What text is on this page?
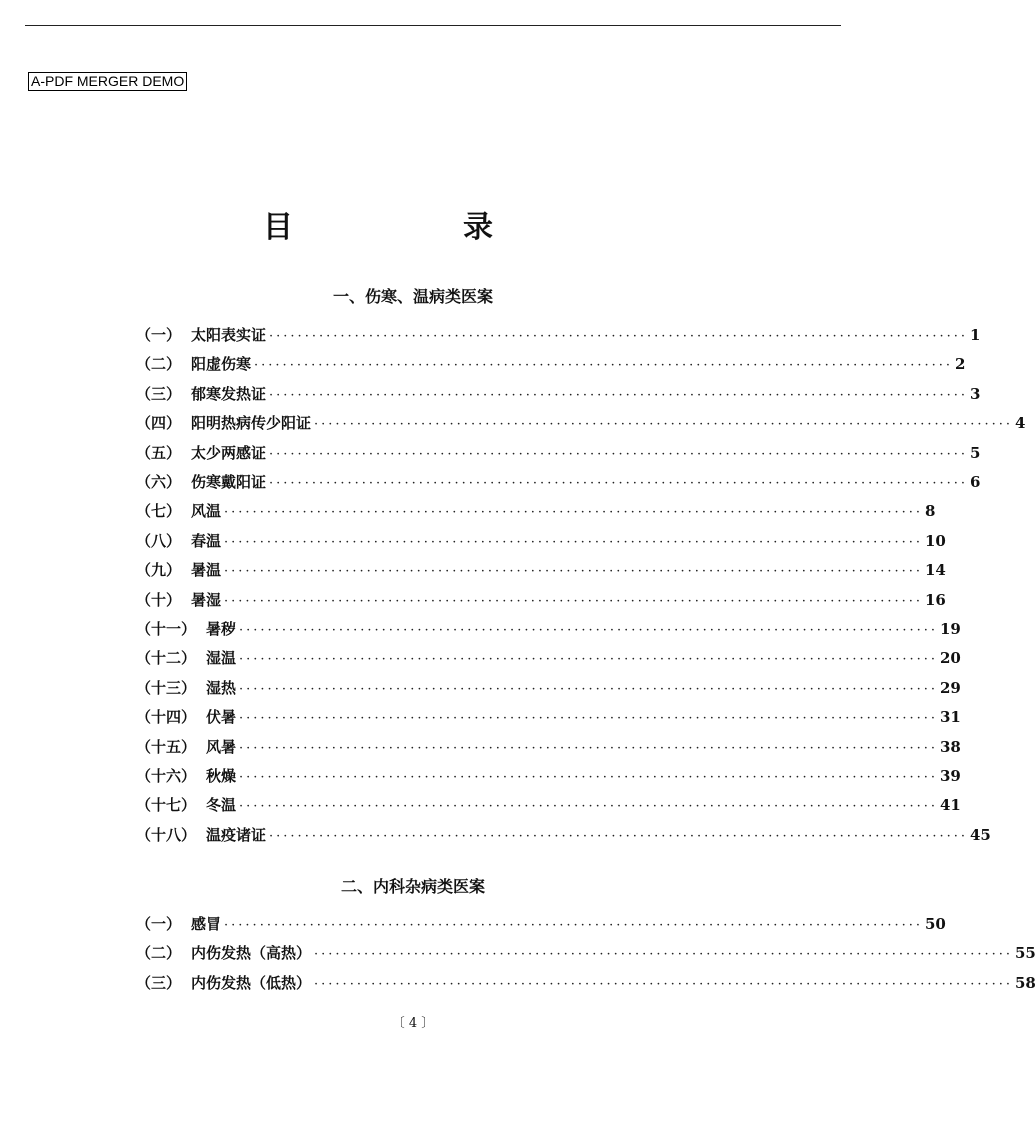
A-PDF MERGER DEMO
目　录
一、伤寒、温病类医案
（一） 太阳表实证 ·································································································· 1
（二） 阳虚伤寒 ·································································································· 2
（三） 郁寒发热证 ·································································································· 3
（四） 阳明热病传少阳证 ·································································································· 4
（五） 太少两感证 ·································································································· 5
（六） 伤寒戴阳证 ·································································································· 6
（七） 风温 ·································································································· 8
（八） 春温 ·································································································· 10
（九） 暑温 ·································································································· 14
（十） 暑湿 ·································································································· 16
（十一） 暑秽 ·································································································· 19
（十二） 湿温 ·································································································· 20
（十三） 湿热 ·································································································· 29
（十四） 伏暑 ·································································································· 31
（十五） 风暑 ·································································································· 38
（十六） 秋燥 ·································································································· 39
（十七） 冬温 ·································································································· 41
（十八） 温疫诸证 ·································································································· 45
二、内科杂病类医案
（一） 感冒 ·································································································· 50
（二） 内伤发热（高热） ·································································································· 55
（三） 内伤发热（低热） ·································································································· 58
〔 4 〕
